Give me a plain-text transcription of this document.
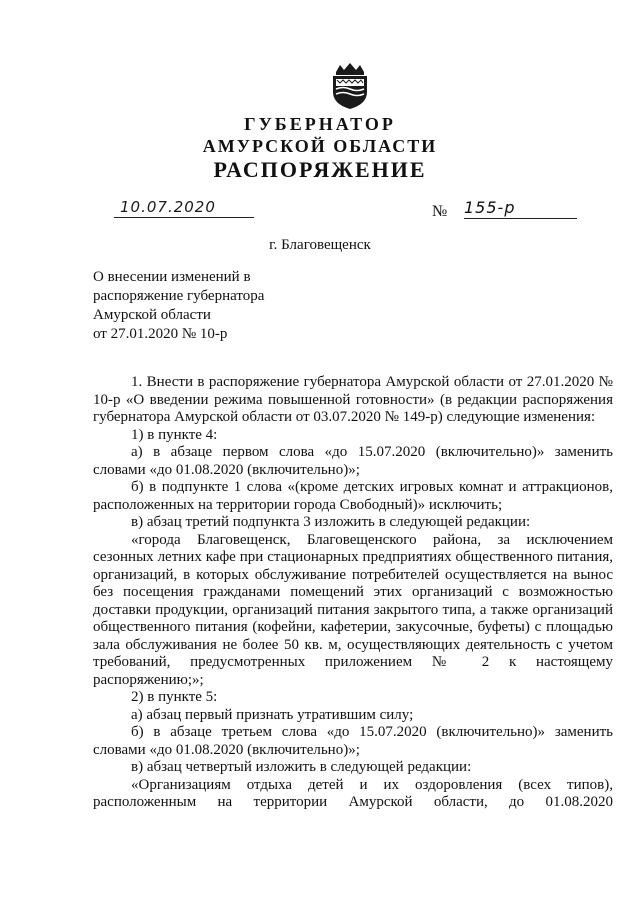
ГУБЕРНАТОР
АМУРСКОЙ ОБЛАСТИ
РАСПОРЯЖЕНИЕ
10.07.2020	№ 155-р
г. Благовещенск
О внесении изменений в
распоряжение губернатора
Амурской области
от 27.01.2020 № 10-р

1. Внести в распоряжение губернатора Амурской области от 27.01.2020 № 10-р «О введении режима повышенной готовности» (в редакции распоряжения губернатора Амурской области от 03.07.2020 № 149-р) следующие изменения:

1) в пункте 4:

а) в абзаце первом слова «до 15.07.2020 (включительно)» заменить словами «до 01.08.2020 (включительно)»;

б) в подпункте 1 слова «(кроме детских игровых комнат и аттракционов, расположенных на территории города Свободный)» исключить;

в) абзац третий подпункта 3 изложить в следующей редакции:

«города Благовещенск, Благовещенского района, за исключением сезонных летних кафе при стационарных предприятиях общественного питания, организаций, в которых обслуживание потребителей осуществляется на вынос без посещения гражданами помещений этих организаций с возможностью доставки продукции, организаций питания закрытого типа, а также организаций общественного питания (кофейни, кафетерии, закусочные, буфеты) с площадью зала обслуживания не более 50 кв. м, осуществляющих деятельность с учетом требований, предусмотренных приложением № 2 к настоящему распоряжению;»;

2) в пункте 5:

а) абзац первый признать утратившим силу;

б) в абзаце третьем слова «до 15.07.2020 (включительно)» заменить словами «до 01.08.2020 (включительно)»;

в) абзац четвертый изложить в следующей редакции:

«Организациям отдыха детей и их оздоровления (всех типов), расположенным на территории Амурской области, до 01.08.2020
